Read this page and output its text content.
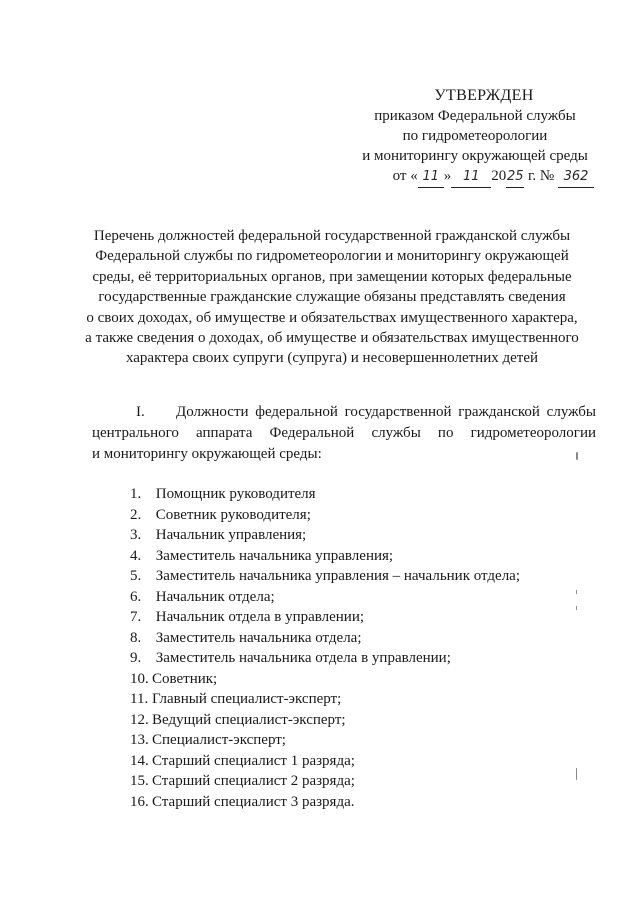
УТВЕРЖДЕН
приказом Федеральной службы
по гидрометеорологии
и мониторингу окружающей среды
от « 11 » 11 2025 г. № 362
Перечень должностей федеральной государственной гражданской службы
Федеральной службы по гидрометеорологии и мониторингу окружающей
среды, её территориальных органов, при замещении которых федеральные
государственные гражданские служащие обязаны представлять сведения
о своих доходах, об имуществе и обязательствах имущественного характера,
а также сведения о доходах, об имуществе и обязательствах имущественного
характера своих супруги (супруга) и несовершеннолетних детей
I. Должности федеральной государственной гражданской службы
центрального аппарата Федеральной службы по гидрометеорологии
и мониторингу окружающей среды:
1. Помощник руководителя
2. Советник руководителя;
3. Начальник управления;
4. Заместитель начальника управления;
5. Заместитель начальника управления – начальник отдела;
6. Начальник отдела;
7. Начальник отдела в управлении;
8. Заместитель начальника отдела;
9. Заместитель начальника отдела в управлении;
10. Советник;
11. Главный специалист-эксперт;
12. Ведущий специалист-эксперт;
13. Специалист-эксперт;
14. Старший специалист 1 разряда;
15. Старший специалист 2 разряда;
16. Старший специалист 3 разряда.
